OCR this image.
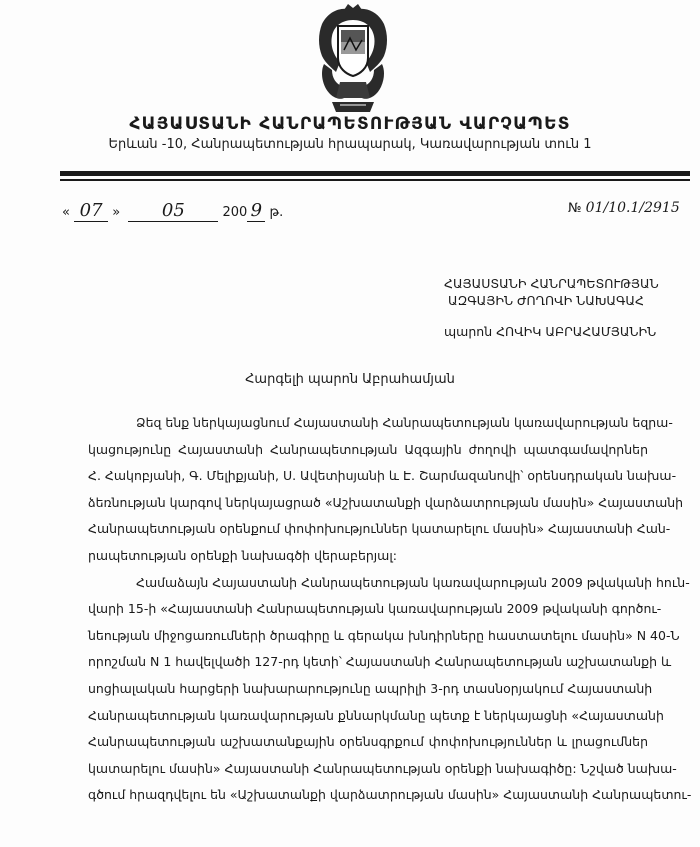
ՀԱՅԱՍՏԱՆԻ ՀԱՆՐԱՊԵՏՈՒԹՅԱՆ ՎԱՐՉԱՊԵՏ
Երևան -10, Հանրապետության հրապարակ, Կառավարության տուն 1
« 07 » 05	200 9 թ.	№ 01/10.1/2915
ՀԱՅԱՍՏԱՆԻ ՀԱՆՐԱՊԵՏՈՒԹՅԱՆ
ԱԶԳԱՅԻՆ ԺՈՂՈՎԻ ՆԱԽԱԳԱՀ
պարոն ՀՈՎԻԿ ԱԲՐԱՀԱՄՅԱՆԻՆ
Հարգելի պարոն Աբրահամյան
Ձեզ ենք ներկայացնում Հայաստանի Հանրապետության կառավարության եզրա-
կացությունը Հայաստանի Հանրապետության Ազգային ժողովի պատգամավորներ
Հ. Հակոբյանի, Գ. Մելիքյանի, Ս. Ավետիսյանի և Է. Շարմազանովի՝ օրենսդրական նախա-
ձեռնության կարգով ներկայացրած «Աշխատանքի վարձատրության մասին» Հայաստանի
Հանրապետության օրենքում փոփոխություններ կատարելու մասին» Հայաստանի Հան-
րապետության օրենքի նախագծի վերաբերյալ:
Համաձայն Հայաստանի Հանրապետության կառավարության 2009 թվականի հուն-
վարի 15-ի «Հայաստանի Հանրապետության կառավարության 2009 թվականի գործու-
նեության միջոցառումների ծրագիրը և գերակա խնդիրները հաստատելու մասին» N 40-Ն
որոշման N 1 հավելվածի 127-րդ կետի՝ Հայաստանի Հանրապետության աշխատանքի և
սոցիալական հարցերի նախարարությունը ապրիլի 3-րդ տասնօրյակում Հայաստանի
Հանրապետության կառավարության քննարկմանը պետք է ներկայացնի «Հայաստանի
Հանրապետության աշխատանքային օրենսգրքում փոփոխություններ և լրացումներ
կատարելու մասին» Հայաստանի Հանրապետության օրենքի նախագիծը: Նշված նախա-
գծում հրազդվելու են «Աշխատանքի վարձատրության մասին» Հայաստանի Հանրապետու-
